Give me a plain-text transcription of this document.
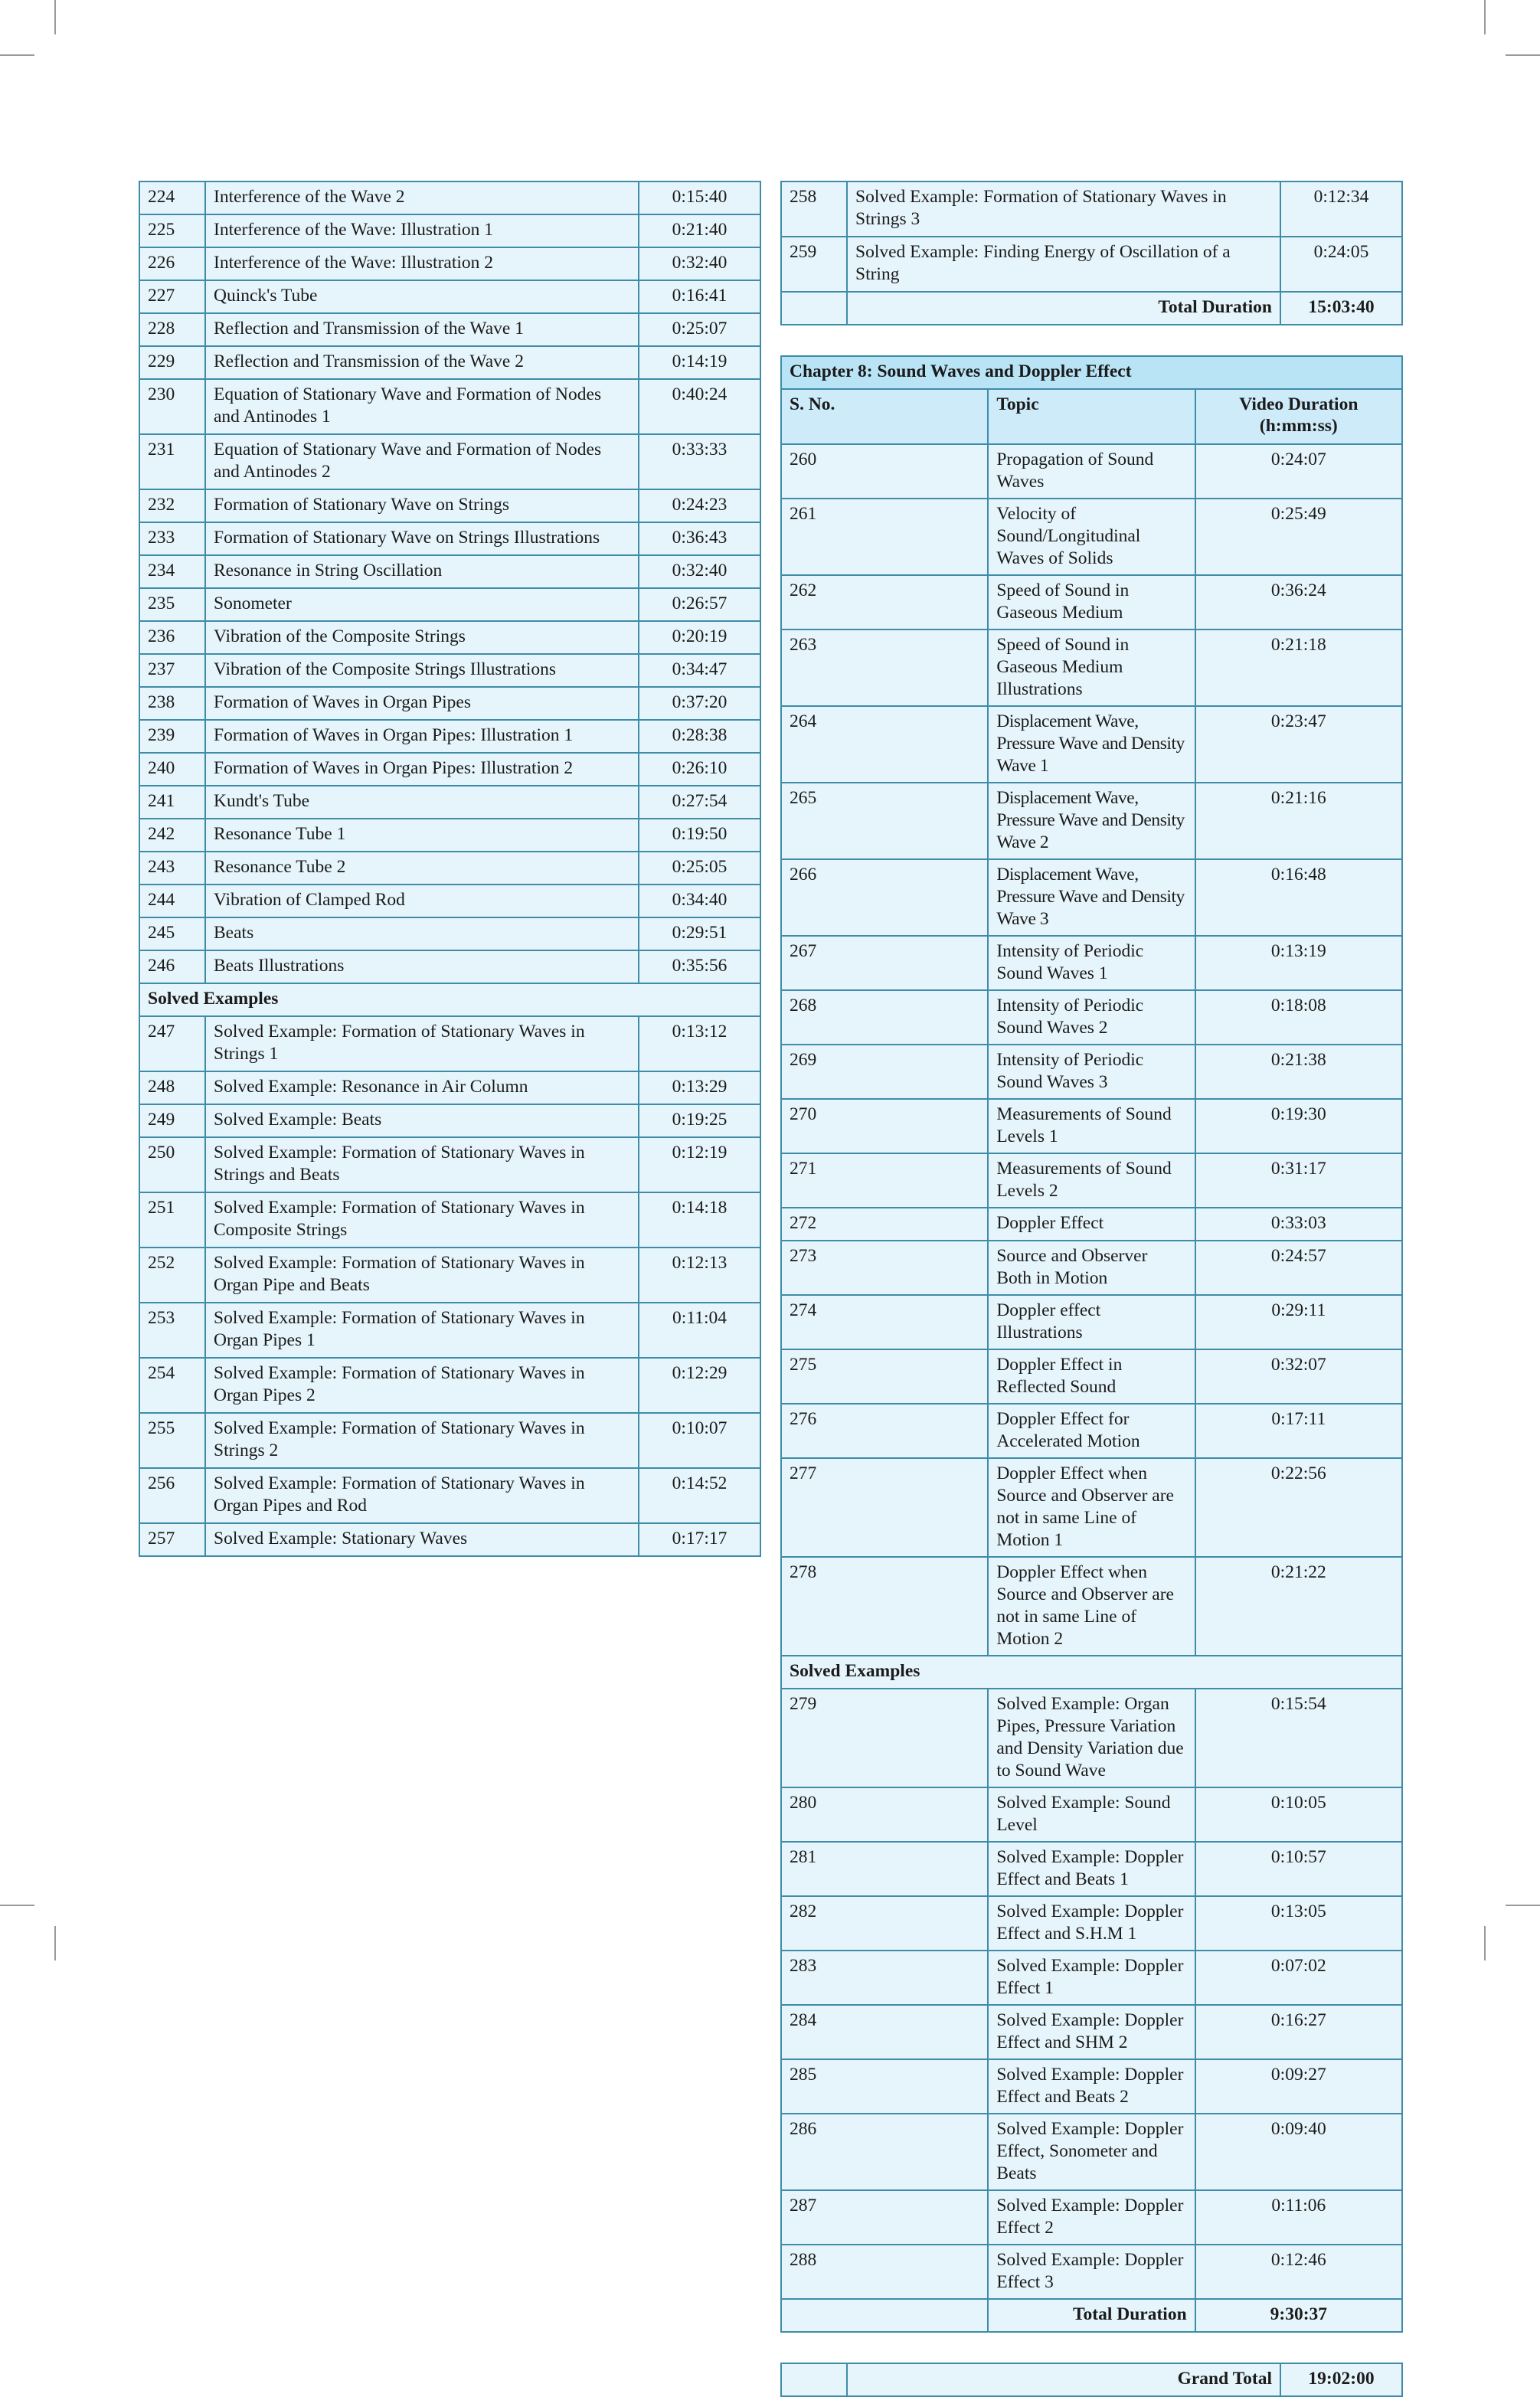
224	Interference of the Wave 2	0:15:40
225	Interference of the Wave: Illustration 1	0:21:40
226	Interference of the Wave: Illustration 2	0:32:40
227	Quinck's Tube	0:16:41
228	Reflection and Transmission of the Wave 1	0:25:07
229	Reflection and Transmission of the Wave 2	0:14:19
230	Equation of Stationary Wave and Formation of Nodes and Antinodes 1	0:40:24
231	Equation of Stationary Wave and Formation of Nodes and Antinodes 2	0:33:33
232	Formation of Stationary Wave on Strings	0:24:23
233	Formation of Stationary Wave on Strings Illustrations	0:36:43
234	Resonance in String Oscillation	0:32:40
235	Sonometer	0:26:57
236	Vibration of the Composite Strings	0:20:19
237	Vibration of the Composite Strings Illustrations	0:34:47
238	Formation of Waves in Organ Pipes	0:37:20
239	Formation of Waves in Organ Pipes: Illustration 1	0:28:38
240	Formation of Waves in Organ Pipes: Illustration 2	0:26:10
241	Kundt's Tube	0:27:54
242	Resonance Tube 1	0:19:50
243	Resonance Tube 2	0:25:05
244	Vibration of Clamped Rod	0:34:40
245	Beats	0:29:51
246	Beats Illustrations	0:35:56
Solved Examples		
247	Solved Example: Formation of Stationary Waves in Strings 1	0:13:12
248	Solved Example: Resonance in Air Column	0:13:29
249	Solved Example: Beats	0:19:25
250	Solved Example: Formation of Stationary Waves in Strings and Beats	0:12:19
251	Solved Example: Formation of Stationary Waves in Composite Strings	0:14:18
252	Solved Example: Formation of Stationary Waves in Organ Pipe and Beats	0:12:13
253	Solved Example: Formation of Stationary Waves in Organ Pipes 1	0:11:04
254	Solved Example: Formation of Stationary Waves in Organ Pipes 2	0:12:29
255	Solved Example: Formation of Stationary Waves in Strings 2	0:10:07
256	Solved Example: Formation of Stationary Waves in Organ Pipes and Rod	0:14:52
257	Solved Example: Stationary Waves	0:17:17
258	Solved Example: Formation of Stationary Waves in Strings 3	0:12:34
259	Solved Example: Finding Energy of Oscillation of a String	0:24:05
	Total Duration	15:03:40
Chapter 8: Sound Waves and Doppler Effect		
S. No.	Topic	Video Duration
(h:mm:ss)
260	Propagation of Sound Waves	0:24:07
261	Velocity of Sound/Longitudinal Waves of Solids	0:25:49
262	Speed of Sound in Gaseous Medium	0:36:24
263	Speed of Sound in Gaseous Medium Illustrations	0:21:18
264	Displacement Wave, Pressure Wave and Density Wave 1	0:23:47
265	Displacement Wave, Pressure Wave and Density Wave 2	0:21:16
266	Displacement Wave, Pressure Wave and Density Wave 3	0:16:48
267	Intensity of Periodic Sound Waves 1	0:13:19
268	Intensity of Periodic Sound Waves 2	0:18:08
269	Intensity of Periodic Sound Waves 3	0:21:38
270	Measurements of Sound Levels 1	0:19:30
271	Measurements of Sound Levels 2	0:31:17
272	Doppler Effect	0:33:03
273	Source and Observer Both in Motion	0:24:57
274	Doppler effect Illustrations	0:29:11
275	Doppler Effect in Reflected Sound	0:32:07
276	Doppler Effect for Accelerated Motion	0:17:11
277	Doppler Effect when Source and Observer are not in same Line of Motion 1	0:22:56
278	Doppler Effect when Source and Observer are not in same Line of Motion 2	0:21:22
Solved Examples		
279	Solved Example: Organ Pipes, Pressure Variation and Density Variation due to Sound Wave	0:15:54
280	Solved Example: Sound Level	0:10:05
281	Solved Example: Doppler Effect and Beats 1	0:10:57
282	Solved Example: Doppler Effect and S.H.M 1	0:13:05
283	Solved Example: Doppler Effect 1	0:07:02
284	Solved Example: Doppler Effect and SHM 2	0:16:27
285	Solved Example: Doppler Effect and Beats 2	0:09:27
286	Solved Example: Doppler Effect, Sonometer and Beats	0:09:40
287	Solved Example: Doppler Effect 2	0:11:06
288	Solved Example: Doppler Effect 3	0:12:46
	Total Duration	9:30:37
	Grand Total	19:02:00
